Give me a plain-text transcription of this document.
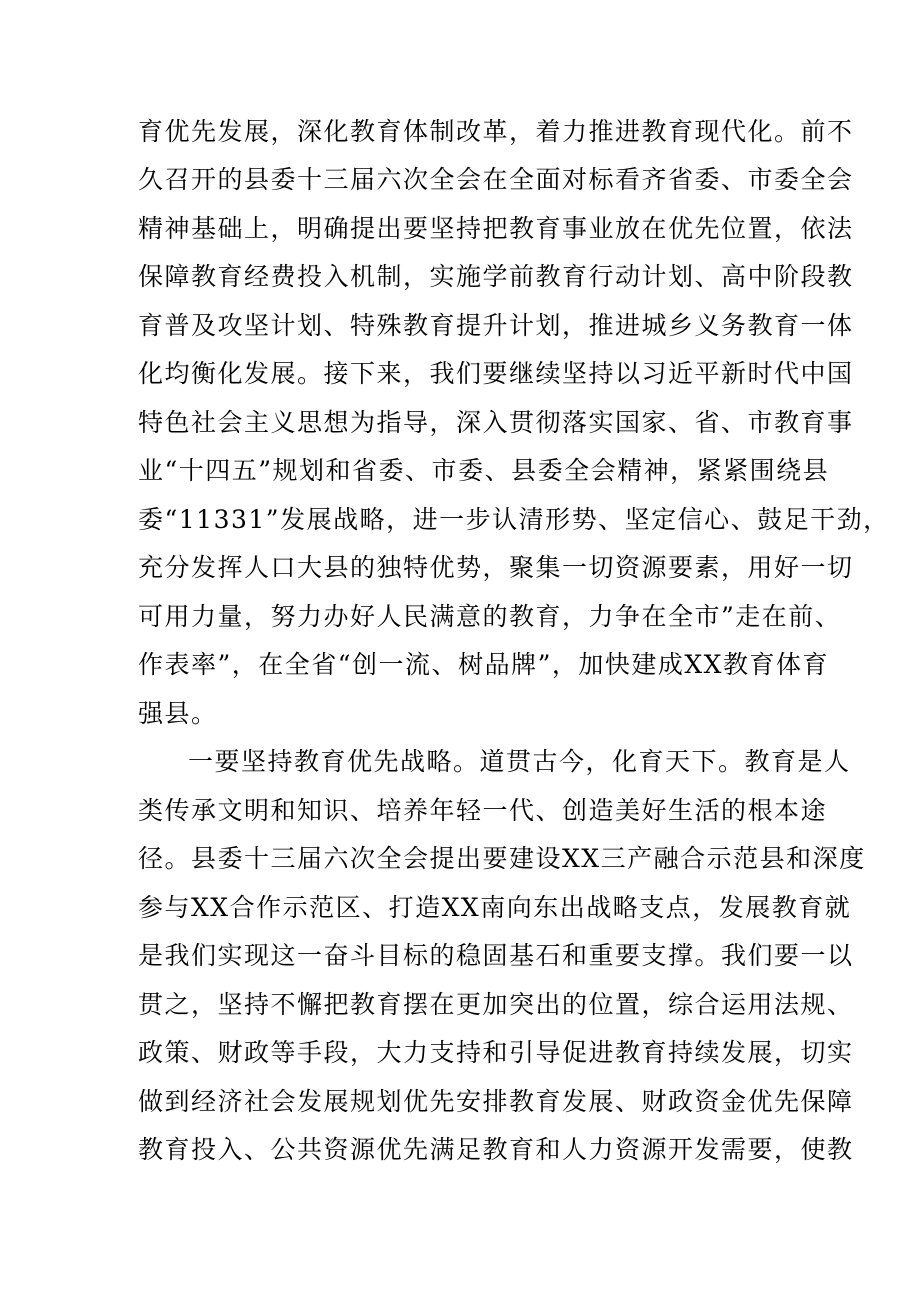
育优先发展，深化教育体制改革，着力推进教育现代化。前不
久召开的县委十三届六次全会在全面对标看齐省委、市委全会
精神基础上，明确提出要坚持把教育事业放在优先位置，依法
保障教育经费投入机制，实施学前教育行动计划、高中阶段教
育普及攻坚计划、特殊教育提升计划，推进城乡义务教育一体
化均衡化发展。接下来，我们要继续坚持以习近平新时代中国
特色社会主义思想为指导，深入贯彻落实国家、省、市教育事
业“十四五”规划和省委、市委、县委全会精神，紧紧围绕县
委“11331”发展战略，进一步认清形势、坚定信心、鼓足干劲，
充分发挥人口大县的独特优势，聚集一切资源要素，用好一切
可用力量，努力办好人民满意的教育，力争在全市”走在前、
作表率”，在全省“创一流、树品牌”，加快建成XX教育体育
强县。
一要坚持教育优先战略。道贯古今，化育天下。教育是人
类传承文明和知识、培养年轻一代、创造美好生活的根本途
径。县委十三届六次全会提出要建设XX三产融合示范县和深度
参与XX合作示范区、打造XX南向东出战略支点，发展教育就
是我们实现这一奋斗目标的稳固基石和重要支撑。我们要一以
贯之，坚持不懈把教育摆在更加突出的位置，综合运用法规、
政策、财政等手段，大力支持和引导促进教育持续发展，切实
做到经济社会发展规划优先安排教育发展、财政资金优先保障
教育投入、公共资源优先满足教育和人力资源开发需要，使教
